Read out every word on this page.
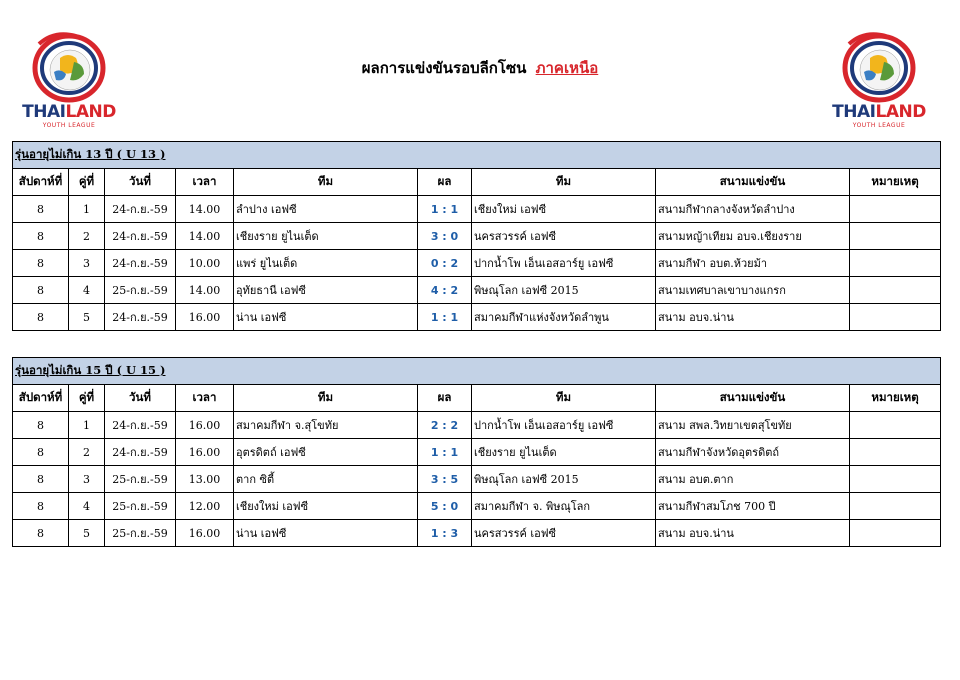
THAILAND
YOUTH LEAGUE
THAILAND
YOUTH LEAGUE
ผลการแข่งขันรอบลีกโซน ภาคเหนือ
รุ่นอายุไม่เกิน 13 ปี ( U 13 )								
สัปดาห์ที่	คู่ที่	วันที่	เวลา	ทีม	ผล	ทีม	สนามแข่งขัน	หมายเหตุ
8	1	24-ก.ย.-59	14.00	ลำปาง เอฟซี	1 : 1	เชียงใหม่ เอฟซี	สนามกีฬากลางจังหวัดลำปาง	
8	2	24-ก.ย.-59	14.00	เชียงราย ยูไนเต็ด	3 : 0	นครสวรรค์ เอฟซี	สนามหญ้าเทียม อบจ.เชียงราย	
8	3	24-ก.ย.-59	10.00	แพร่ ยูไนเต็ด	0 : 2	ปากน้ำโพ เอ็นเอสอาร์ยู เอฟซี	สนามกีฬา อบต.ห้วยม้า	
8	4	25-ก.ย.-59	14.00	อุทัยธานี เอฟซี	4 : 2	พิษณุโลก เอฟซี 2015	สนามเทศบาลเขาบางแกรก	
8	5	24-ก.ย.-59	16.00	น่าน เอฟซี	1 : 1	สมาคมกีฬาแห่งจังหวัดลำพูน	สนาม อบจ.น่าน	
รุ่นอายุไม่เกิน 15 ปี ( U 15 )								
สัปดาห์ที่	คู่ที่	วันที่	เวลา	ทีม	ผล	ทีม	สนามแข่งขัน	หมายเหตุ
8	1	24-ก.ย.-59	16.00	สมาคมกีฬา จ.สุโขทัย	2 : 2	ปากน้ำโพ เอ็นเอสอาร์ยู เอฟซี	สนาม สพล.วิทยาเขตสุโขทัย	
8	2	24-ก.ย.-59	16.00	อุตรดิตถ์ เอฟซี	1 : 1	เชียงราย ยูไนเต็ด	สนามกีฬาจังหวัดอุตรดิตถ์	
8	3	25-ก.ย.-59	13.00	ตาก ซิตี้	3 : 5	พิษณุโลก เอฟซี 2015	สนาม อบต.ตาก	
8	4	25-ก.ย.-59	12.00	เชียงใหม่ เอฟซี	5 : 0	สมาคมกีฬา จ. พิษณุโลก	สนามกีฬาสมโภช 700 ปี	
8	5	25-ก.ย.-59	16.00	น่าน เอฟซี	1 : 3	นครสวรรค์ เอฟซี	สนาม อบจ.น่าน	
